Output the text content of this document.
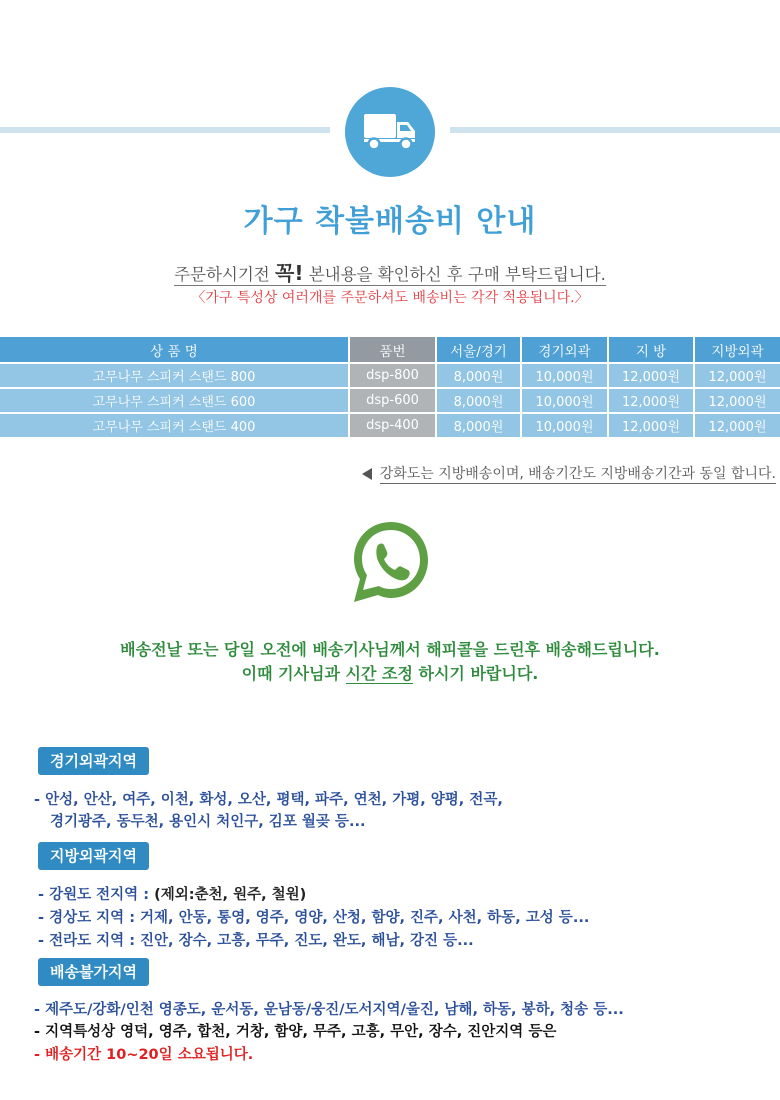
가구 착불배송비 안내
주문하시기전 꼭! 본내용을 확인하신 후 구매 부탁드립니다.
〈가구 특성상 여러개를 주문하셔도 배송비는 각각 적용됩니다.〉
상 품 명	품번	서울/경기	경기외곽	지 방	지방외곽
고무나무 스피커 스탠드 800	dsp-800	8,000원	10,000원	12,000원	12,000원
고무나무 스피커 스탠드 600	dsp-600	8,000원	10,000원	12,000원	12,000원
고무나무 스피커 스탠드 400	dsp-400	8,000원	10,000원	12,000원	12,000원
강화도는 지방배송이며, 배송기간도 지방배송기간과 동일 합니다.
배송전날 또는 당일 오전에 배송기사님께서 해피콜을 드린후 배송해드립니다.
이때 기사님과 시간 조정 하시기 바랍니다.
경기외곽지역
- 안성, 안산, 여주, 이천, 화성, 오산, 평택, 파주, 연천, 가평, 양평, 전곡,
경기광주, 동두천, 용인시 처인구, 김포 월곶 등...
지방외곽지역
- 강원도 전지역 : (제외:춘천, 원주, 철원)
- 경상도 지역 : 거제, 안동, 통영, 영주, 영양, 산청, 함양, 진주, 사천, 하동, 고성 등...
- 전라도 지역 : 진안, 장수, 고흥, 무주, 진도, 완도, 해남, 강진 등...
배송불가지역
- 제주도/강화/인천 영종도, 운서동, 운남동/웅진/도서지역/울진, 남해, 하동, 봉하, 청송 등...
- 지역특성상 영덕, 영주, 합천, 거창, 함양, 무주, 고흥, 무안, 장수, 진안지역 등은
- 배송기간 10~20일 소요됩니다.
